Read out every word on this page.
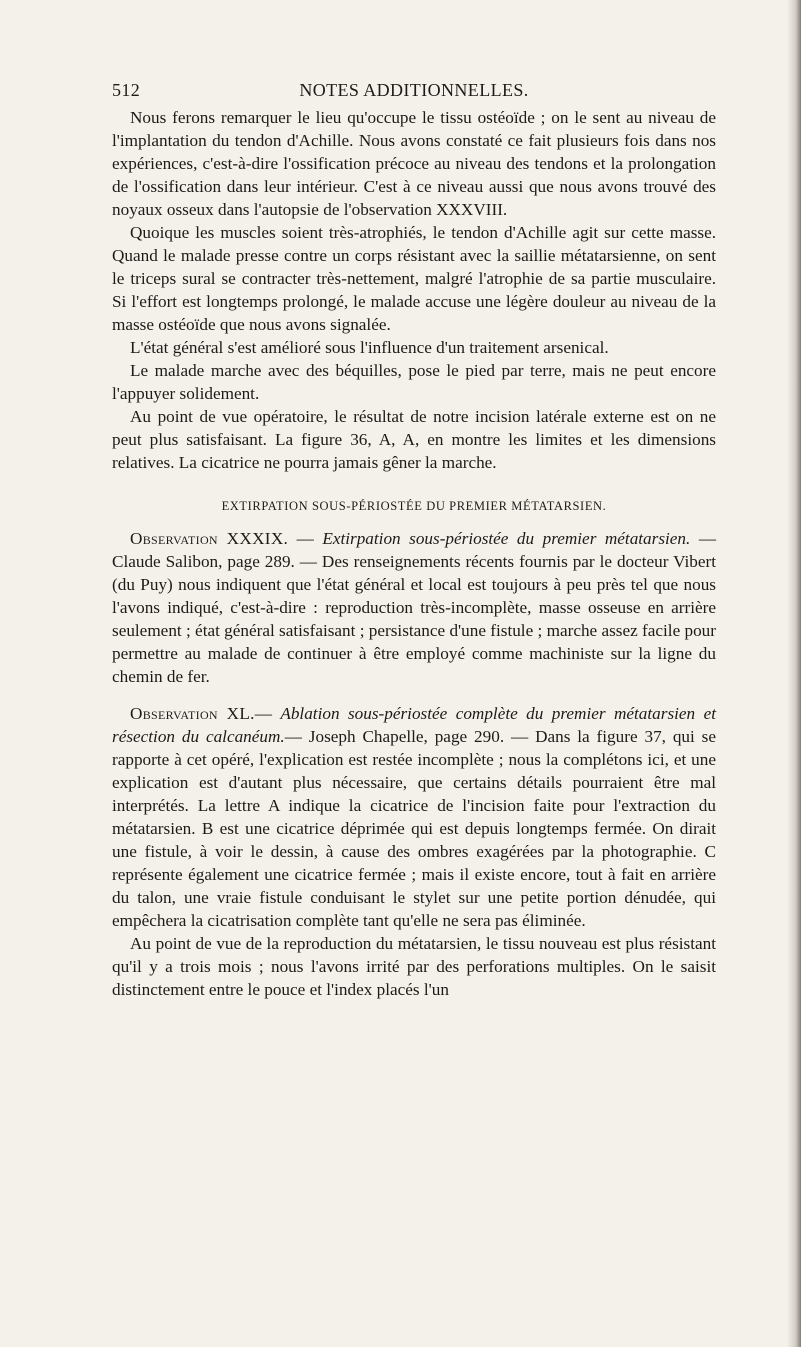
512	NOTES ADDITIONNELLES.

Nous ferons remarquer le lieu qu'occupe le tissu ostéoïde ; on le sent au niveau de l'implantation du tendon d'Achille. Nous avons constaté ce fait plusieurs fois dans nos expériences, c'est-à-dire l'ossification précoce au niveau des tendons et la prolongation de l'ossification dans leur intérieur. C'est à ce niveau aussi que nous avons trouvé des noyaux osseux dans l'autopsie de l'observation XXXVIII.

Quoique les muscles soient très-atrophiés, le tendon d'Achille agit sur cette masse. Quand le malade presse contre un corps résistant avec la saillie métatarsienne, on sent le triceps sural se contracter très-nettement, malgré l'atrophie de sa partie musculaire. Si l'effort est longtemps prolongé, le malade accuse une légère douleur au niveau de la masse ostéoïde que nous avons signalée.

L'état général s'est amélioré sous l'influence d'un traitement arsenical.

Le malade marche avec des béquilles, pose le pied par terre, mais ne peut encore l'appuyer solidement.

Au point de vue opératoire, le résultat de notre incision latérale externe est on ne peut plus satisfaisant. La figure 36, A, A, en montre les limites et les dimensions relatives. La cicatrice ne pourra jamais gêner la marche.

EXTIRPATION SOUS-PÉRIOSTÉE DU PREMIER MÉTATARSIEN.

Observation XXXIX. — Extirpation sous-périostée du premier métatarsien. — Claude Salibon, page 289. — Des renseignements récents fournis par le docteur Vibert (du Puy) nous indiquent que l'état général et local est toujours à peu près tel que nous l'avons indiqué, c'est-à-dire : reproduction très-incomplète, masse osseuse en arrière seulement ; état général satisfaisant ; persistance d'une fistule ; marche assez facile pour permettre au malade de continuer à être employé comme machiniste sur la ligne du chemin de fer.

Observation XL.— Ablation sous-périostée complète du premier métatarsien et résection du calcanéum.— Joseph Chapelle, page 290. — Dans la figure 37, qui se rapporte à cet opéré, l'explication est restée incomplète ; nous la complétons ici, et une explication est d'autant plus nécessaire, que certains détails pourraient être mal interprétés. La lettre A indique la cicatrice de l'incision faite pour l'extraction du métatarsien. B est une cicatrice déprimée qui est depuis longtemps fermée. On dirait une fistule, à voir le dessin, à cause des ombres exagérées par la photographie. C représente également une cicatrice fermée ; mais il existe encore, tout à fait en arrière du talon, une vraie fistule conduisant le stylet sur une petite portion dénudée, qui empêchera la cicatrisation complète tant qu'elle ne sera pas éliminée.

Au point de vue de la reproduction du métatarsien, le tissu nouveau est plus résistant qu'il y a trois mois ; nous l'avons irrité par des perforations multiples. On le saisit distinctement entre le pouce et l'index placés l'un
